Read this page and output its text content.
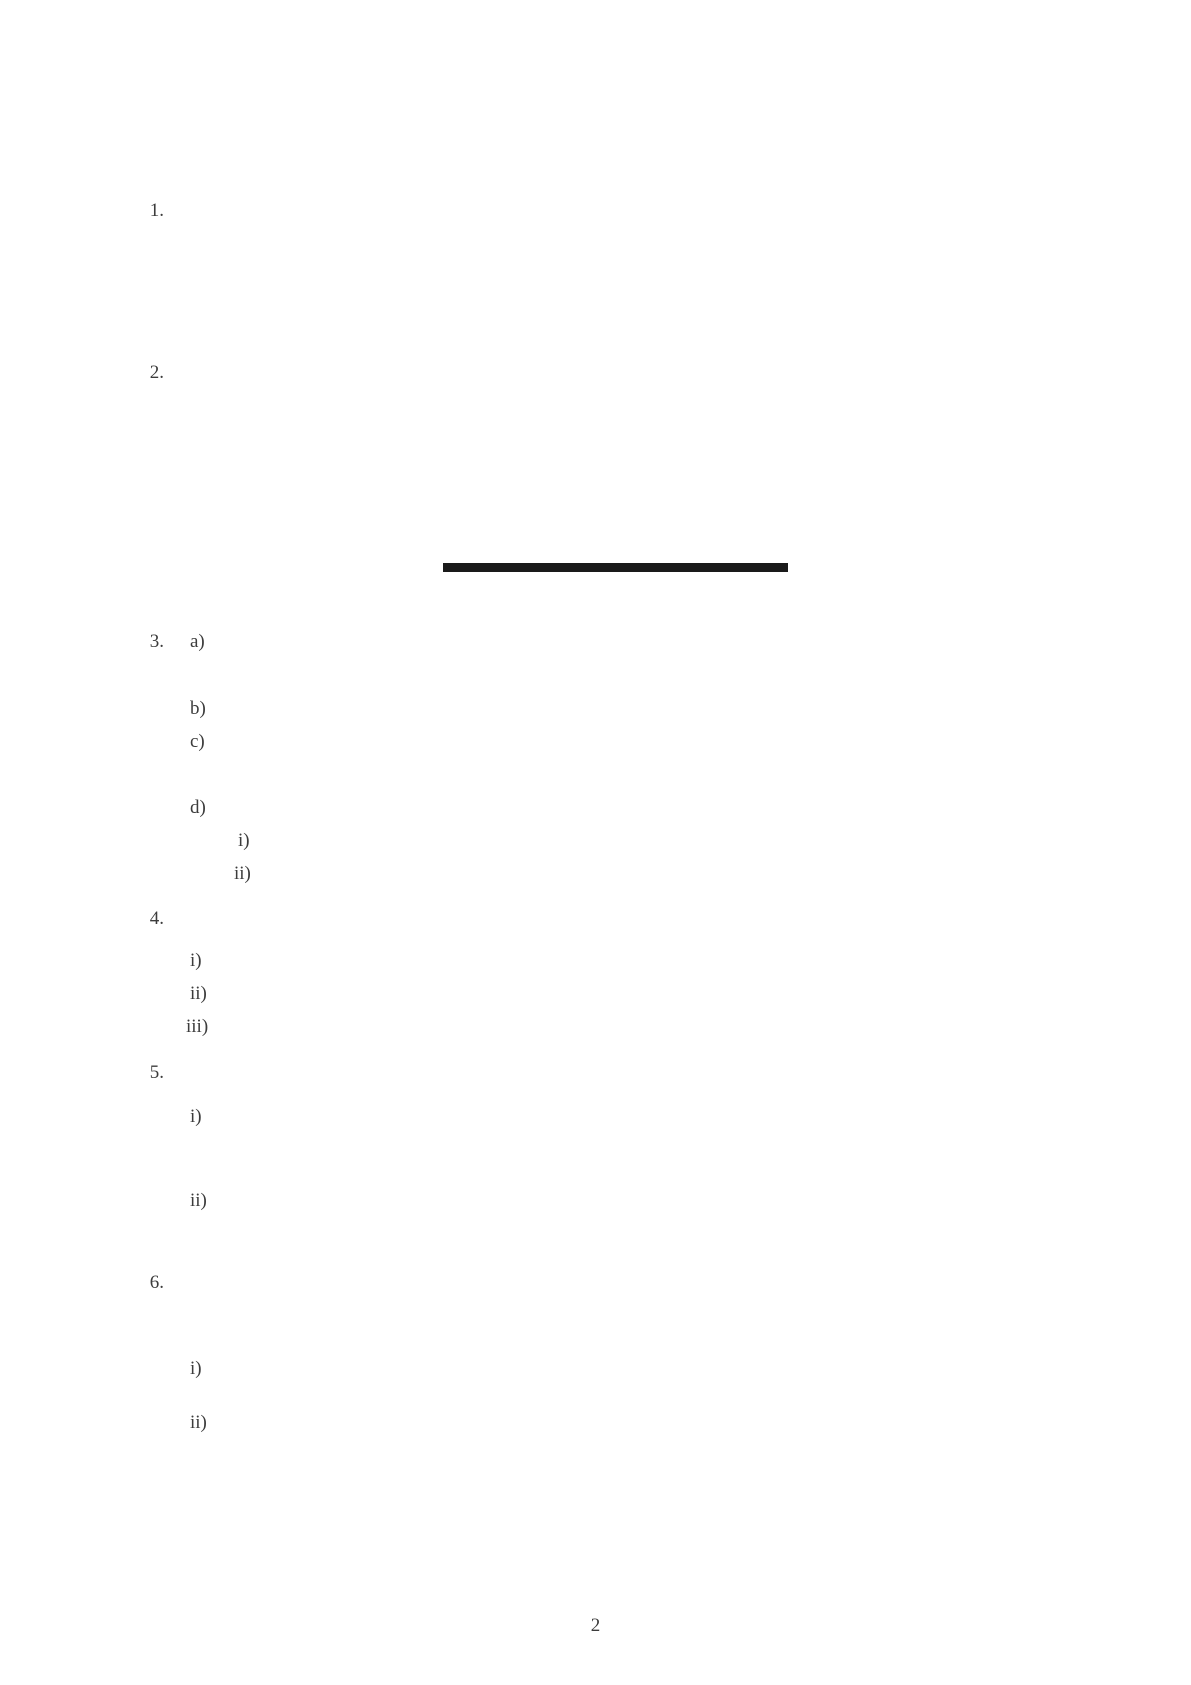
1.
2.
3. a)
b)
c)
d)
i)
ii)
4.
i)
ii)
iii)
5.
i)
ii)
6.
i)
ii)
2
